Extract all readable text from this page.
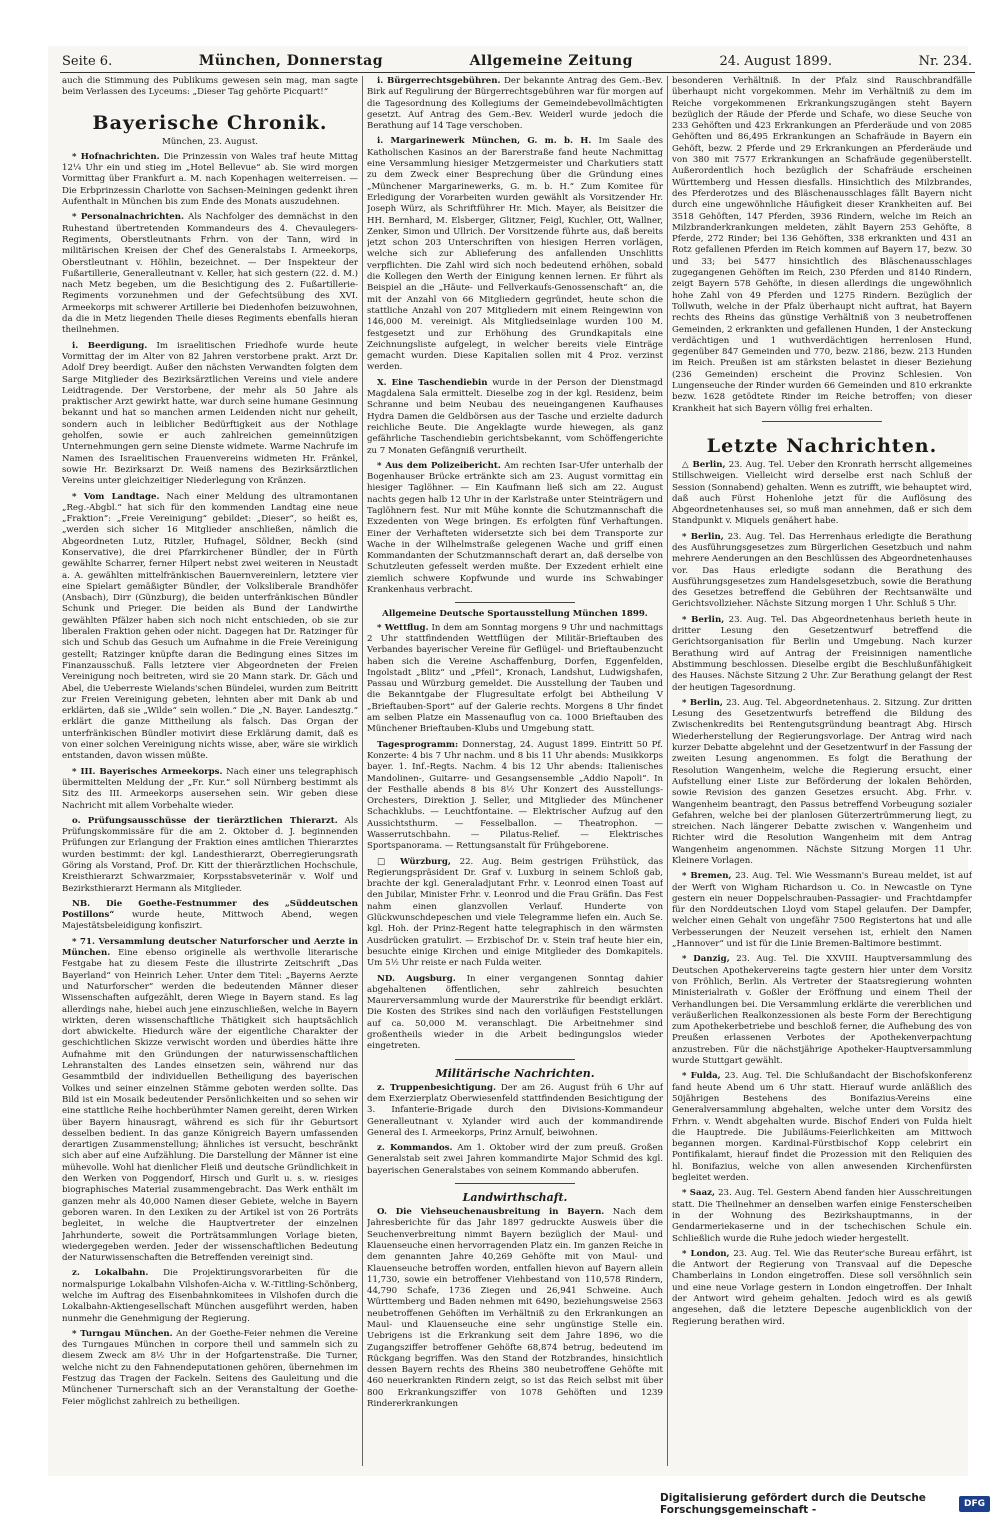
Seite 6.	München, Donnerstag	Allgemeine Zeitung	24. August 1899.	Nr. 234.

auch die Stimmung des Publikums gewesen sein mag, man sagte beim Verlassen des Lyceums: „Dieser Tag gehörte Picquart!“

Bayerische Chronik.
München, 23. August.

* Hofnachrichten. Die Prinzessin von Wales traf heute Mittag 12¼ Uhr ein und stieg im „Hotel Bellevue“ ab. Sie wird morgen Vormittag über Frankfurt a. M. nach Kopenhagen weiterreisen. — Die Erbprinzessin Charlotte von Sachsen-Meiningen gedenkt ihren Aufenthalt in München bis zum Ende des Monats auszudehnen.

* Personalnachrichten. Als Nachfolger des demnächst in den Ruhestand übertretenden Kommandeurs des 4. Chevaulegers-Regiments, Oberstleutnants Frhrn. von der Tann, wird in militärischen Kreisen der Chef des Generalstabs I. Armeekorps, Oberstleutnant v. Höhlin, bezeichnet. — Der Inspekteur der Fußartillerie, Generalleutnant v. Keller, hat sich gestern (22. d. M.) nach Metz begeben, um die Besichtigung des 2. Fußartillerie-Regiments vorzunehmen und der Gefechtsübung des XVI. Armeekorps mit schwerer Artillerie bei Diedenhofen beizuwohnen, da die in Metz liegenden Theile dieses Regiments ebenfalls hieran theilnehmen.

i. Beerdigung. Im israelitischen Friedhofe wurde heute Vormittag der im Alter von 82 Jahren verstorbene prakt. Arzt Dr. Adolf Drey beerdigt. Außer den nächsten Verwandten folgten dem Sarge Mitglieder des Bezirksärztlichen Vereins und viele andere Leidtragende. Der Verstorbene, der mehr als 50 Jahre als praktischer Arzt gewirkt hatte, war durch seine humane Gesinnung bekannt und hat so manchen armen Leidenden nicht nur geheilt, sondern auch in leiblicher Bedürftigkeit aus der Nothlage geholfen, sowie er auch zahlreichen gemeinnützigen Unternehmungen gern seine Dienste widmete. Warme Nachrufe im Namen des Israelitischen Frauenvereins widmeten Hr. Fränkel, sowie Hr. Bezirksarzt Dr. Weiß namens des Bezirksärztlichen Vereins unter gleichzeitiger Niederlegung von Kränzen.

* Vom Landtage. Nach einer Meldung des ultramontanen „Reg.-Abgbl.“ hat sich für den kommenden Landtag eine neue „Fraktion“: „Freie Vereinigung“ gebildet: „Dieser“, so heißt es, „werden sich sicher 16 Mitglieder anschließen, nämlich die Abgeordneten Lutz, Ritzler, Hufnagel, Söldner, Beckh (sind Konservative), die drei Pfarrkirchener Bündler, der in Fürth gewählte Scharrer, ferner Hilpert nebst zwei weiteren in Neustadt a. A. gewählten mittelfränkischen Bauernvereinlern, letztere vier eine Spielart gemäßigter Bündler, der Volksliberale Brandhöfer (Ansbach), Dirr (Günzburg), die beiden unterfränkischen Bündler Schunk und Prieger. Die beiden als Bund der Landwirthe gewählten Pfälzer haben sich noch nicht entschieden, ob sie zur liberalen Fraktion gehen oder nicht. Dagegen hat Dr. Ratzinger für sich und Schub das Gesuch um Aufnahme in die Freie Vereinigung gestellt; Ratzinger knüpfte daran die Bedingung eines Sitzes im Finanzausschuß. Falls letztere vier Abgeordneten der Freien Vereinigung noch beitreten, wird sie 20 Mann stark. Dr. Gäch und Abel, die Ueberreste Wielands'schen Bündelei, wurden zum Beitritt zur Freien Vereinigung gebeten, lehnten aber mit Dank ab und erklärten, daß sie „Wilde“ sein wollen.“ Die „N. Bayer. Landesztg.“ erklärt die ganze Mittheilung als falsch. Das Organ der unterfränkischen Bündler motivirt diese Erklärung damit, daß es von einer solchen Vereinigung nichts wisse, aber, wäre sie wirklich entstanden, davon wissen müßte.

* III. Bayerisches Armeekorps. Nach einer uns telegraphisch übermittelten Meldung der „Fr. Kur.“ soll Nürnberg bestimmt als Sitz des III. Armeekorps ausersehen sein. Wir geben diese Nachricht mit allem Vorbehalte wieder.

o. Prüfungsausschüsse der tierärztlichen Thierarzt. Als Prüfungskommissäre für die am 2. Oktober d. J. beginnenden Prüfungen zur Erlangung der Fraktion eines amtlichen Thierarztes wurden bestimmt: der kgl. Landesthierarzt, Oberregierungsrath Göring als Vorstand, Prof. Dr. Kitt der thierärztlichen Hochschule, Kreisthierarzt Schwarzmaier, Korpsstabsveterinär v. Wolf und Bezirksthierarzt Hermann als Mitglieder.

NB. Die Goethe-Festnummer des „Süddeutschen Postillons“ wurde heute, Mittwoch Abend, wegen Majestätsbeleidigung konfiszirt.

* 71. Versammlung deutscher Naturforscher und Aerzte in München. Eine ebenso originelle als werthvolle literarische Festgabe hat zu diesem Feste die illustrirte Zeitschrift „Das Bayerland“ von Heinrich Leher. Unter dem Titel: „Bayerns Aerzte und Naturforscher“ werden die bedeutenden Männer dieser Wissenschaften aufgezählt, deren Wiege in Bayern stand. Es lag allerdings nahe, hiebei auch jene einzuschließen, welche in Bayern wirkten, deren wissenschaftliche Thätigkeit sich hauptsächlich dort abwickelte. Hiedurch wäre der eigentliche Charakter der geschichtlichen Skizze verwischt worden und überdies hätte ihre Aufnahme mit den Gründungen der naturwissenschaftlichen Lehranstalten des Landes einsetzen sein, während nur das Gesammtbild der individuellen Betheiligung des bayerischen Volkes und seiner einzelnen Stämme geboten werden sollte. Das Bild ist ein Mosaik bedeutender Persönlichkeiten und so sehen wir eine stattliche Reihe hochberühmter Namen gereiht, deren Wirken über Bayern hinausragt, während es sich für ihr Geburtsort desselben bedient. In das ganze Königreich Bayern umfassenden derartigen Zusammenstellung; ähnliches ist versucht, beschränkt sich aber auf eine Aufzählung. Die Darstellung der Männer ist eine mühevolle. Wohl hat dienlicher Fleiß und deutsche Gründlichkeit in den Werken von Poggendorf, Hirsch und Gurlt u. s. w. riesiges biographisches Material zusammengebracht. Das Werk enthält im ganzen mehr als 40,000 Namen dieser Gebiete, welche in Bayern geboren waren. In den Lexiken zu der Artikel ist von 26 Porträts begleitet, in welche die Hauptvertreter der einzelnen Jahrhunderte, soweit die Porträtsammlungen Vorlage bieten, wiedergegeben werden. Jeder der wissenschaftlichen Bedeutung der Naturwissenschaften die Betreffenden vereinigt sind.

z. Lokalbahn. Die Projektirungsvorarbeiten für die normalspurige Lokalbahn Vilshofen-Aicha v. W.-Tittling-Schönberg, welche im Auftrag des Eisenbahnkomitees in Vilshofen durch die Lokalbahn-Aktiengesellschaft München ausgeführt werden, haben nunmehr die Genehmigung der Regierung.

* Turngau München. An der Goethe-Feier nehmen die Vereine des Turngaues München in corpore theil und sammeln sich zu diesem Zweck am 8½ Uhr in der Hofgartenstraße. Die Turner, welche nicht zu den Fahnendeputationen gehören, übernehmen im Festzug das Tragen der Fackeln. Seitens des Gauleitung und die Münchener Turnerschaft sich an der Veranstaltung der Goethe-Feier möglichst zahlreich zu betheiligen.

i. Bürgerrechtsgebühren. Der bekannte Antrag des Gem.-Bev. Birk auf Regulirung der Bürgerrechtsgebühren war für morgen auf die Tagesordnung des Kollegiums der Gemeindebevollmächtigten gesetzt. Auf Antrag des Gem.-Bev. Weiderl wurde jedoch die Berathung auf 14 Tage verschoben.

i. Margarinewerk München, G. m. b. H. Im Saale des Katholischen Kasinos an der Barerstraße fand heute Nachmittag eine Versammlung hiesiger Metzgermeister und Charkutiers statt zu dem Zweck einer Besprechung über die Gründung eines „Münchener Margarinewerks, G. m. b. H.“ Zum Komitee für Erledigung der Vorarbeiten wurden gewählt als Vorsitzender Hr. Joseph Würz, als Schriftführer Hr. Mich. Mayer, als Beisitzer die HH. Bernhard, M. Elsberger, Glitzner, Feigl, Kuchler, Ott, Wallner, Zenker, Simon und Ullrich. Der Vorsitzende führte aus, daß bereits jetzt schon 203 Unterschriften von hiesigen Herren vorlägen, welche sich zur Ablieferung des anfallenden Unschlitts verpflichten. Die Zahl wird sich noch bedeutend erhöhen, sobald die Kollegen den Werth der Einigung kennen lernen. Er führt als Beispiel an die „Häute- und Fellverkaufs-Genossenschaft“ an, die mit der Anzahl von 66 Mitgliedern gegründet, heute schon die stattliche Anzahl von 207 Mitgliedern mit einem Reingewinn von 146,000 M. vereinigt. Als Mitgliedseinlage wurden 100 M. festgesetzt und zur Erhöhung des Grundkapitals eine Zeichnungsliste aufgelegt, in welcher bereits viele Einträge gemacht wurden. Diese Kapitalien sollen mit 4 Proz. verzinst werden.

X. Eine Taschendiebin wurde in der Person der Dienstmagd Magdalena Sala ermittelt. Dieselbe zog in der kgl. Residenz, beim Schranne und beim Neubau des neueingangenen Kaufhauses Hydra Damen die Geldbörsen aus der Tasche und erzielte dadurch reichliche Beute. Die Angeklagte wurde hiewegen, als ganz gefährliche Taschendiebin gerichtsbekannt, vom Schöffengerichte zu 7 Monaten Gefängniß verurtheilt.

* Aus dem Polizeibericht. Am rechten Isar-Ufer unterhalb der Bogenhauser Brücke ertränkte sich am 23. August vormittag ein hiesiger Taglöhner. — Ein Kaufmann ließ sich am 22. August nachts gegen halb 12 Uhr in der Karlstraße unter Steinträgern und Taglöhnern fest. Nur mit Mühe konnte die Schutzmannschaft die Exzedenten von Wege bringen. Es erfolgten fünf Verhaftungen. Einer der Verhafteten widersetzte sich bei dem Transporte zur Wache in der Wilhelmstraße gelegenen Wache und griff einen Kommandanten der Schutzmannschaft derart an, daß derselbe von Schutzleuten gefesselt werden mußte. Der Exzedent erhielt eine ziemlich schwere Kopfwunde und wurde ins Schwabinger Krankenhaus verbracht.

Allgemeine Deutsche Sportausstellung München 1899.

* Wettflug. In dem am Sonntag morgens 9 Uhr und nachmittags 2 Uhr stattfindenden Wettflügen der Militär-Brieftauben des Verbandes bayerischer Vereine für Geflügel- und Brieftaubenzucht haben sich die Vereine Aschaffenburg, Dorfen, Eggenfelden, Ingolstadt „Blitz“ und „Pfeil“, Kronach, Landshut, Ludwigshafen, Passau und Würzburg gemeldet. Die Ausstellung der Tauben und die Bekanntgabe der Flugresultate erfolgt bei Abtheilung V „Brieftauben-Sport“ auf der Galerie rechts. Morgens 8 Uhr findet am selben Platze ein Massenauflug von ca. 1000 Brieftauben des Münchener Brieftauben-Klubs und Umgebung statt.

Tagesprogramm: Donnerstag, 24. August 1899. Eintritt 50 Pf. Konzerte: 4 bis 7 Uhr nachm. und 8 bis 11 Uhr abends: Musikkorps bayer. 1. Inf.-Regts. Nachm. 4 bis 12 Uhr abends: Italienisches Mandolinen-, Guitarre- und Gesangsensemble „Addio Napoli“. In der Festhalle abends 8 bis 8½ Uhr Konzert des Ausstellungs-Orchesters, Direktion J. Seller, und Mitglieder des Münchener Schachklubs. — Leuchtfontaine. — Elektrischer Aufzug auf den Aussichtsthurm. — Fesselballon. — Theatrophon. — Wasserrutschbahn. — Pilatus-Relief. — Elektrisches Sportspanorama. — Rettungsanstalt für Frühgeborene.

□ Würzburg, 22. Aug. Beim gestrigen Frühstück, das Regierungspräsident Dr. Graf v. Luxburg in seinem Schloß gab, brachte der kgl. Generaladjutant Frhr. v. Leonrod einen Toast auf den Jubilar, Minister Frhr. v. Leonrod und die Frau Gräfin. Das Fest nahm einen glanzvollen Verlauf. Hunderte von Glückwunschdepeschen und viele Telegramme liefen ein. Auch Se. kgl. Hoh. der Prinz-Regent hatte telegraphisch in den wärmsten Ausdrücken gratulirt. — Erzbischof Dr. v. Stein traf heute hier ein, besuchte einige Kirchen und einige Mitglieder des Domkapitels. Um 5½ Uhr reiste er nach Fulda weiter.

ND. Augsburg. In einer vergangenen Sonntag dahier abgehaltenen öffentlichen, sehr zahlreich besuchten Maurerversammlung wurde der Maurerstrike für beendigt erklärt. Die Kosten des Strikes sind nach den vorläufigen Feststellungen auf ca. 50,000 M. veranschlagt. Die Arbeitnehmer sind großentheils wieder in die Arbeit bedingungslos wieder eingetreten.

Militärische Nachrichten.

z. Truppenbesichtigung. Der am 26. August früh 6 Uhr auf dem Exerzierplatz Oberwiesenfeld stattfindenden Besichtigung der 3. Infanterie-Brigade durch den Divisions-Kommandeur Generalleutnant v. Xylander wird auch der kommandirende General des I. Armeekorps, Prinz Arnulf, beiwohnen.

z. Kommandos. Am 1. Oktober wird der zum preuß. Großen Generalstab seit zwei Jahren kommandirte Major Schmid des kgl. bayerischen Generalstabes von seinem Kommando abberufen.

Landwirthschaft.

O. Die Viehseuchenausbreitung in Bayern. Nach dem Jahresberichte für das Jahr 1897 gedruckte Ausweis über die Seuchenverbreitung nimmt Bayern bezüglich der Maul- und Klauenseuche einen hervorragenden Platz ein. Im ganzen Reiche in dem genannten Jahre 40,269 Gehöfte mit von Maul- und Klauenseuche betroffen worden, entfallen hievon auf Bayern allein 11,730, sowie ein betroffener Viehbestand von 110,578 Rindern, 44,790 Schafe, 1736 Ziegen und 26,941 Schweine. Auch Württemberg und Baden nehmen mit 6490, beziehungsweise 2563 neubetroffenen Gehöften im Verhältniß zu den Erkrankungen an Maul- und Klauenseuche eine sehr ungünstige Stelle ein. Uebrigens ist die Erkrankung seit dem Jahre 1896, wo die Zugangsziffer betroffener Gehöfte 68,874 betrug, bedeutend im Rückgang begriffen. Was den Stand der Rotzbrandes, hinsichtlich dessen Bayern rechts des Rheins 380 neubetroffene Gehöfte mit 460 neuerkrankten Rindern zeigt, so ist das Reich selbst mit über 800 Erkrankungsziffer von 1078 Gehöften und 1239 Rindererkrankungen

besonderen Verhältniß. In der Pfalz sind Rauschbrandfälle überhaupt nicht vorgekommen. Mehr im Verhältniß zu dem im Reiche vorgekommenen Erkrankungszugängen steht Bayern bezüglich der Räude der Pferde und Schafe, wo diese Seuche von 233 Gehöften und 423 Erkrankungen an Pferderäude und von 2085 Gehöften und 86,495 Erkrankungen an Schafräude in Bayern ein Gehöft, bezw. 2 Pferde und 29 Erkrankungen an Pferderäude und von 380 mit 7577 Erkrankungen an Schafräude gegenüberstellt. Außerordentlich hoch bezüglich der Schafräude erscheinen Württemberg und Hessen diesfalls. Hinsichtlich des Milzbrandes, des Pferderotzes und des Bläschenausschlages fällt Bayern nicht durch eine ungewöhnliche Häufigkeit dieser Krankheiten auf. Bei 3518 Gehöften, 147 Pferden, 3936 Rindern, welche im Reich an Milzbranderkrankungen meldeten, zählt Bayern 253 Gehöfte, 8 Pferde, 272 Rinder; bei 136 Gehöften, 338 erkrankten und 431 an Rotz gefallenen Pferden im Reich kommen auf Bayern 17, bezw. 30 und 33; bei 5477 hinsichtlich des Bläschenausschlages zugegangenen Gehöften im Reich, 230 Pferden und 8140 Rindern, zeigt Bayern 578 Gehöfte, in diesen allerdings die ungewöhnlich hohe Zahl von 49 Pferden und 1275 Rindern. Bezüglich der Tollwuth, welche in der Pfalz überhaupt nicht auftrat, hat Bayern rechts des Rheins das günstige Verhältniß von 3 neubetroffenen Gemeinden, 2 erkrankten und gefallenen Hunden, 1 der Ansteckung verdächtigen und 1 wuthverdächtigen herrenlosen Hund, gegenüber 847 Gemeinden und 770, bezw. 2186, bezw. 213 Hunden im Reich. Preußen ist am stärksten belastet in dieser Beziehung (236 Gemeinden) erscheint die Provinz Schlesien. Von Lungenseuche der Rinder wurden 66 Gemeinden und 810 erkrankte bezw. 1628 getödtete Rinder im Reiche betroffen; von dieser Krankheit hat sich Bayern völlig frei erhalten.

Letzte Nachrichten.

△ Berlin, 23. Aug. Tel. Ueber den Kronrath herrscht allgemeines Stillschweigen. Vielleicht wird derselbe erst nach Schluß der Session (Sonnabend) gehalten. Wenn es zutrifft, wie behauptet wird, daß auch Fürst Hohenlohe jetzt für die Auflösung des Abgeordnetenhauses sei, so muß man annehmen, daß er sich dem Standpunkt v. Miquels genähert habe.

* Berlin, 23. Aug. Tel. Das Herrenhaus erledigte die Berathung des Ausführungsgesetzes zum Bürgerlichen Gesetzbuch und nahm mehrere Aenderungen an den Beschlüssen des Abgeordnetenhauses vor. Das Haus erledigte sodann die Berathung des Ausführungsgesetzes zum Handelsgesetzbuch, sowie die Berathung des Gesetzes betreffend die Gebühren der Rechtsanwälte und Gerichtsvollzieher. Nächste Sitzung morgen 1 Uhr. Schluß 5 Uhr.

* Berlin, 23. Aug. Tel. Das Abgeordnetenhaus berieth heute in dritter Lesung den Gesetzentwurf betreffend die Gerichtsorganisation für Berlin und Umgebung. Nach kurzer Berathung wird auf Antrag der Freisinnigen namentliche Abstimmung beschlossen. Dieselbe ergibt die Beschlußunfähigkeit des Hauses. Nächste Sitzung 2 Uhr. Zur Berathung gelangt der Rest der heutigen Tagesordnung.

* Berlin, 23. Aug. Tel. Abgeordnetenhaus. 2. Sitzung. Zur dritten Lesung des Gesetzentwurfs betreffend die Bildung des Zwischenkredits bei Rentengutsgründung beantragt Abg. Hirsch Wiederherstellung der Regierungsvorlage. Der Antrag wird nach kurzer Debatte abgelehnt und der Gesetzentwurf in der Fassung der zweiten Lesung angenommen. Es folgt die Berathung der Resolution Wangenheim, welche die Regierung ersucht, einer Aufstellung einer Liste zur Beförderung der lokalen Behörden, sowie Revision des ganzen Gesetzes ersucht. Abg. Frhr. v. Wangenheim beantragt, den Passus betreffend Vorbeugung sozialer Gefahren, welche bei der planlosen Güterzertrümmerung liegt, zu streichen. Nach längerer Debatte zwischen v. Wangenheim und Richter wird die Resolution Wangenheim mit dem Antrag Wangenheim angenommen. Nächste Sitzung Morgen 11 Uhr. Kleinere Vorlagen.

* Bremen, 23. Aug. Tel. Wie Wessmann's Bureau meldet, ist auf der Werft von Wigham Richardson u. Co. in Newcastle on Tyne gestern ein neuer Doppelschrauben-Passagier- und Frachtdampfer für den Norddeutschen Lloyd vom Stapel gelaufen. Der Dampfer, welcher einen Gehalt von ungefähr 7500 Registertons hat und alle Verbesserungen der Neuzeit versehen ist, erhielt den Namen „Hannover“ und ist für die Linie Bremen-Baltimore bestimmt.

* Danzig, 23. Aug. Tel. Die XXVIII. Hauptversammlung des Deutschen Apothekervereins tagte gestern hier unter dem Vorsitz von Fröhlich, Berlin. Als Vertreter der Staatsregierung wohnten Ministerialrath v. Goßler der Eröffnung und einem Theil der Verhandlungen bei. Die Versammlung erklärte die vererblichen und veräußerlichen Realkonzessionen als beste Form der Berechtigung zum Apothekerbetriebe und beschloß ferner, die Aufhebung des von Preußen erlassenen Verbotes der Apothekenverpachtung anzustreben. Für die nächstjährige Apotheker-Hauptversammlung wurde Stuttgart gewählt.

* Fulda, 23. Aug. Tel. Die Schlußandacht der Bischofskonferenz fand heute Abend um 6 Uhr statt. Hierauf wurde anläßlich des 50jährigen Bestehens des Bonifazius-Vereins eine Generalversammlung abgehalten, welche unter dem Vorsitz des Frhrn. v. Wendt abgehalten wurde. Bischof Enderi von Fulda hielt die Hauptrede. Die Jubiläums-Feierlichkeiten am Mittwoch begannen morgen. Kardinal-Fürstbischof Kopp celebrirt ein Pontifikalamt, hierauf findet die Prozession mit den Reliquien des hl. Bonifazius, welche von allen anwesenden Kirchenfürsten begleitet werden.

* Saaz, 23. Aug. Tel. Gestern Abend fanden hier Ausschreitungen statt. Die Theilnehmer an denselben warfen einige Fensterscheiben in der Wohnung des Bezirkshauptmanns, in der Gendarmeriekaserne und in der tschechischen Schule ein. Schließlich wurde die Ruhe jedoch wieder hergestellt.

* London, 23. Aug. Tel. Wie das Reuter'sche Bureau erfährt, ist die Antwort der Regierung von Transvaal auf die Depesche Chamberlains in London eingetroffen. Diese soll versöhnlich sein und eine neue Vorlage gestern in London eingetroffen. Der Inhalt der Antwort wird geheim gehalten. Jedoch wird es als gewiß angesehen, daß die letztere Depesche augenblicklich von der Regierung berathen wird.

Digitalisierung gefördert durch die Deutsche Forschungsgemeinschaft -	DFG
